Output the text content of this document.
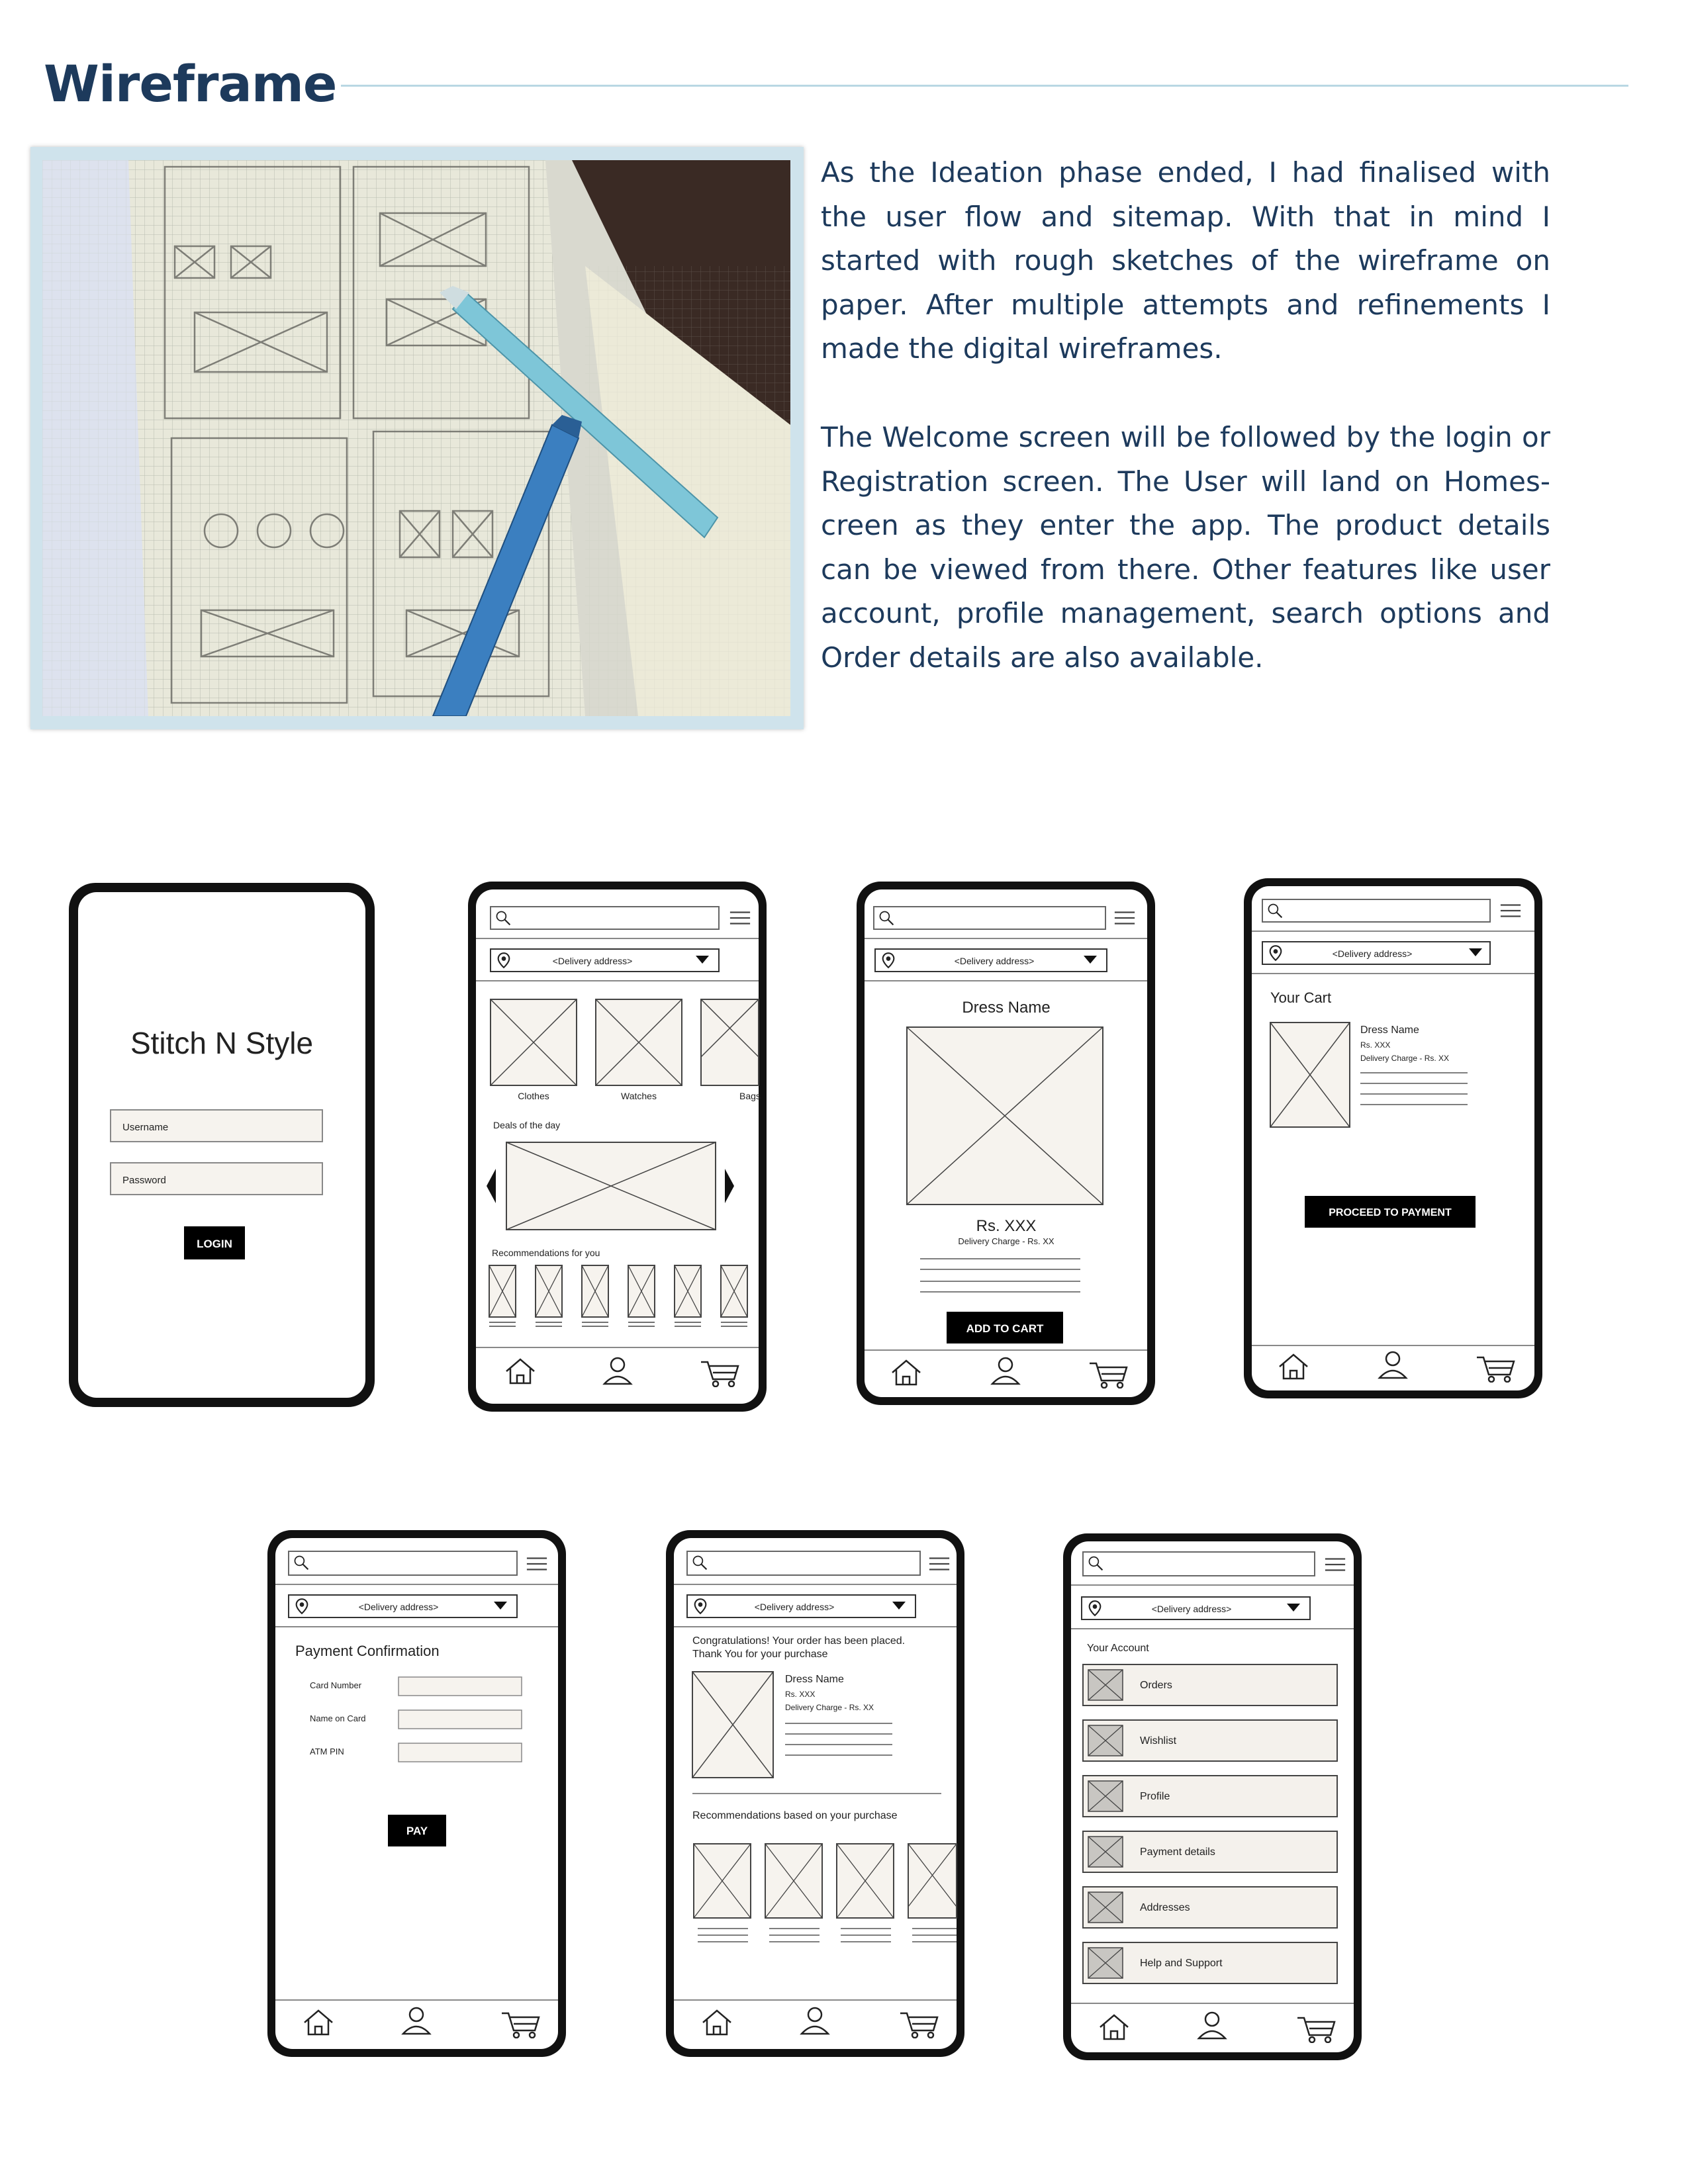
Wireframe
As the Ideation phase ended, I had finalised with the user flow and sitemap. With that in mind I started with rough sketches of the wireframe on paper. After multiple attempts and refinements I made the digital wireframes.
The Welcome screen will be followed by the login or Registration screen. The User will land on Homescreen as they enter the app. The product details can be viewed from there. Other features like user account, profile management, search options and Order details are also available.
Stitch N Style
Username
Password
LOGIN
<Delivery address>
Clothes	Watches	Bags
Deals of the day
Recommendations for you
<Delivery address>
Dress Name
Rs. XXX
Delivery Charge - Rs. XX
ADD TO CART
<Delivery address>
Your Cart
Dress Name
Rs. XXX
Delivery Charge - Rs. XX
PROCEED TO PAYMENT
<Delivery address>
Payment Confirmation
Card Number
Name on Card
ATM PIN
PAY
<Delivery address>
Congratulations! Your order has been placed.
Thank You for your purchase
Dress Name
Rs. XXX
Delivery Charge - Rs. XX
Recommendations based on your purchase
<Delivery address>
Your Account
Orders
Wishlist
Profile
Payment details
Addresses
Help and Support
